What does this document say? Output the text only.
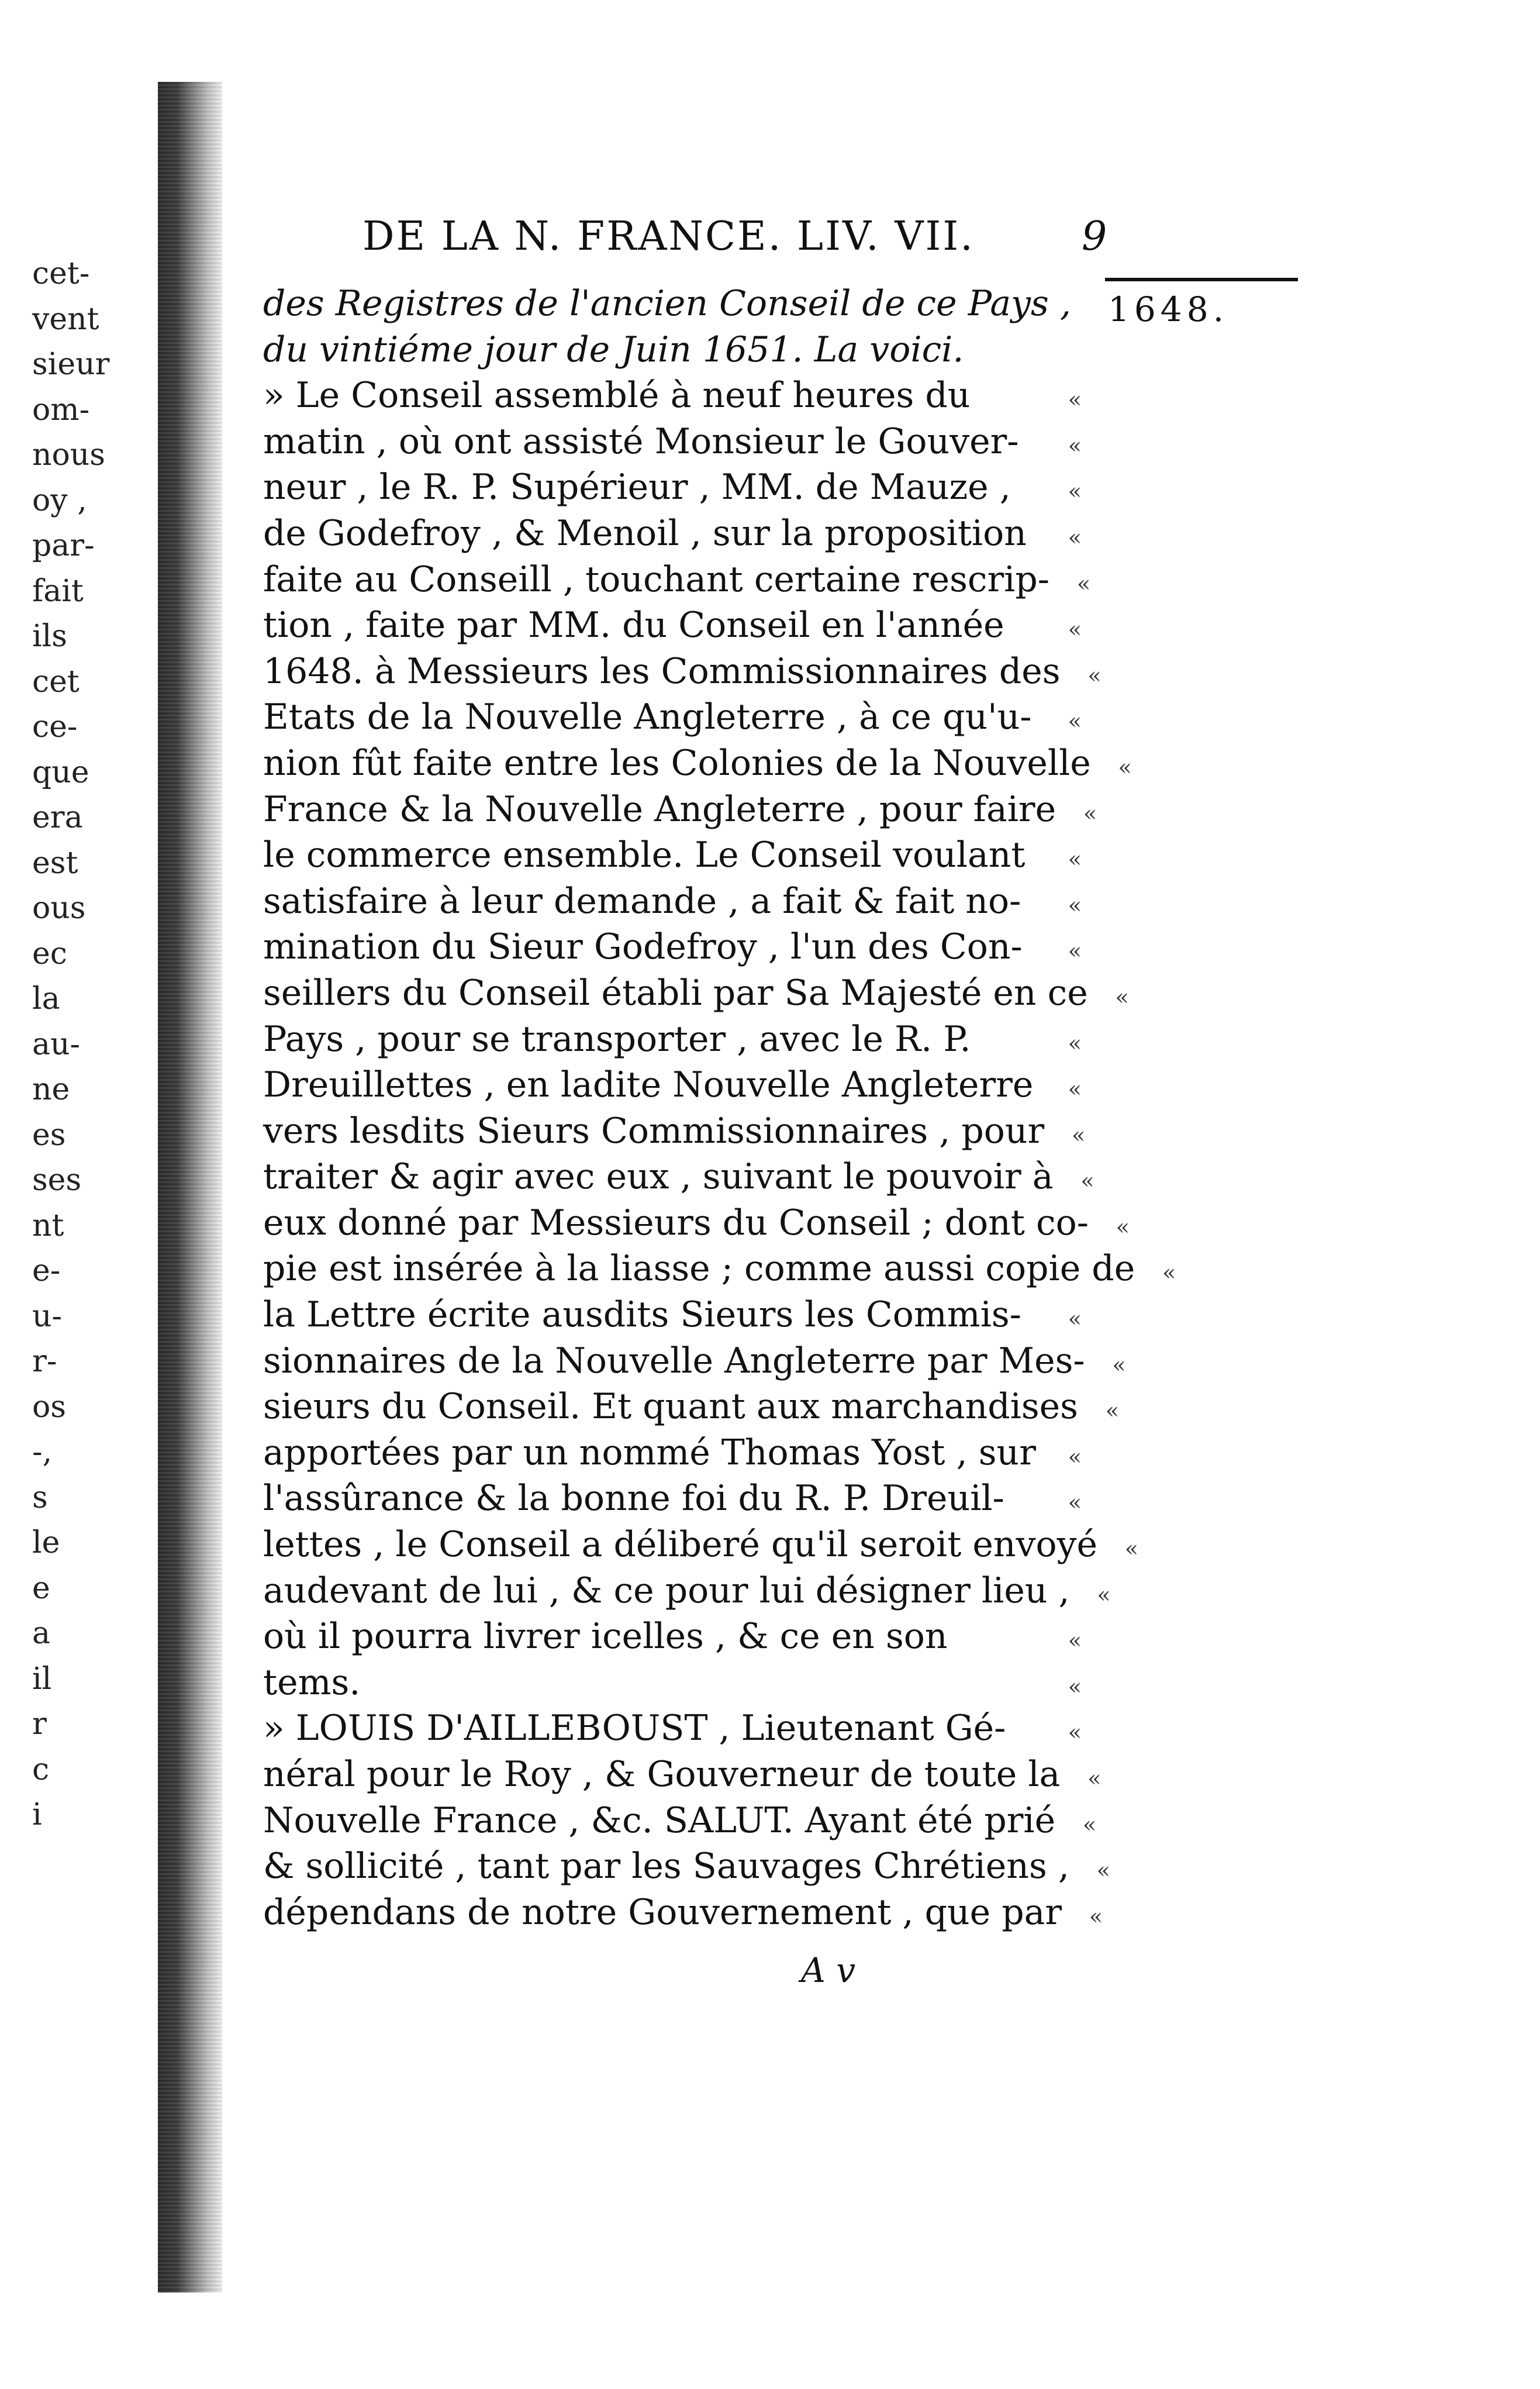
cet-
vent
sieur
om-
nous
oy ,
par-
fait
ils
cet
ce-
que
era
est
ous
ec
la
au-
ne
es
ses
nt
e-
u-
r-
os
-,
s
le
e
a
il
r
c
i
DE LA N. FRANCE. LIV. VII.	9
1648.
des Registres de l'ancien Conseil de ce Pays ,
du vintiéme jour de Juin 1651. La voici.
» Le Conseil assemblé à neuf heures du	«
matin , où ont assisté Monsieur le Gouver-	«
neur , le R. P. Supérieur , MM. de Mauze ,	«
de Godefroy , & Menoil , sur la proposition	«
faite au Conseill , touchant certaine rescrip-	«
tion , faite par MM. du Conseil en l'année	«
1648. à Messieurs les Commissionnaires des	«
Etats de la Nouvelle Angleterre , à ce qu'u-	«
nion fût faite entre les Colonies de la Nouvelle	«
France & la Nouvelle Angleterre , pour faire	«
le commerce ensemble. Le Conseil voulant	«
satisfaire à leur demande , a fait & fait no-	«
mination du Sieur Godefroy , l'un des Con-	«
seillers du Conseil établi par Sa Majesté en ce	«
Pays , pour se transporter , avec le R. P.	«
Dreuillettes , en ladite Nouvelle Angleterre	«
vers lesdits Sieurs Commissionnaires , pour	«
traiter & agir avec eux , suivant le pouvoir à	«
eux donné par Messieurs du Conseil ; dont co-	«
pie est insérée à la liasse ; comme aussi copie de	«
la Lettre écrite ausdits Sieurs les Commis-	«
sionnaires de la Nouvelle Angleterre par Mes-	«
sieurs du Conseil. Et quant aux marchandises	«
apportées par un nommé Thomas Yost , sur	«
l'assûrance & la bonne foi du R. P. Dreuil-	«
lettes , le Conseil a déliberé qu'il seroit envoyé	«
audevant de lui , & ce pour lui désigner lieu ,	«
où il pourra livrer icelles , & ce en son	«
tems.	«
» LOUIS D'AILLEBOUST , Lieutenant Gé-	«
néral pour le Roy , & Gouverneur de toute la	«
Nouvelle France , &c. SALUT. Ayant été prié	«
& sollicité , tant par les Sauvages Chrétiens ,	«
dépendans de notre Gouvernement , que par	«
A v
